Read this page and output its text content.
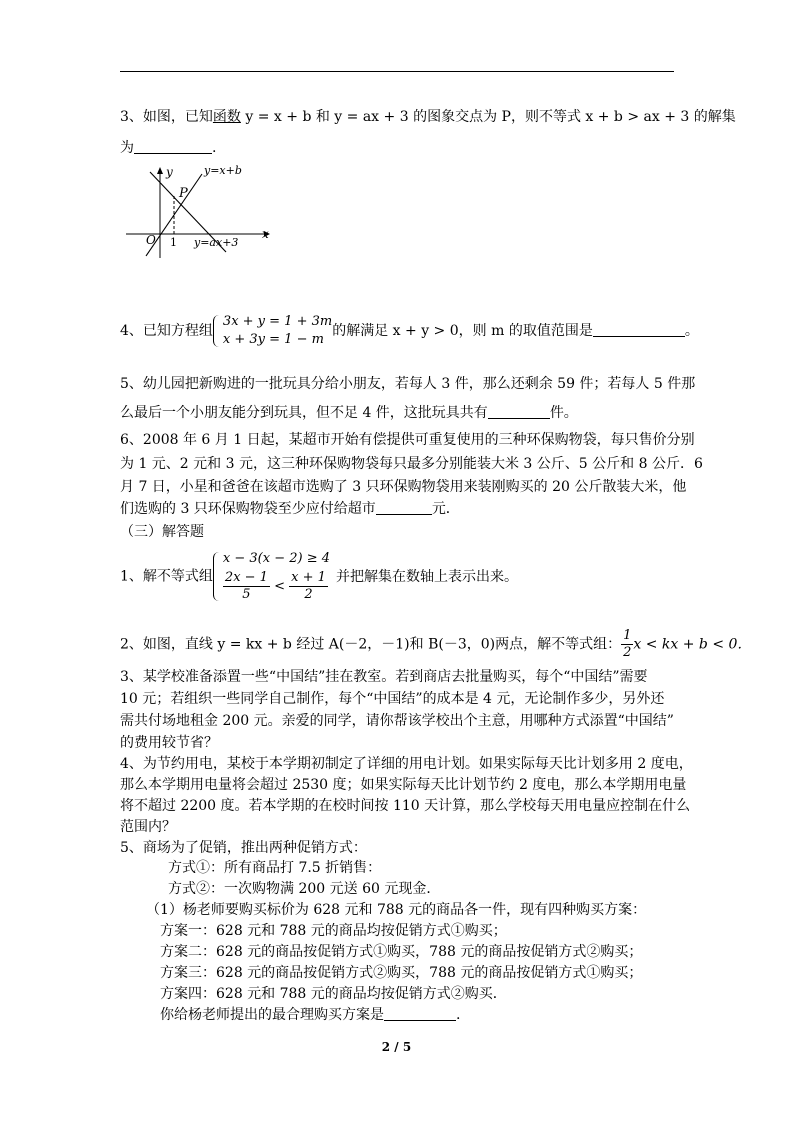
3、如图，已知函数 y = x + b 和 y = ax + 3 的图象交点为 P，则不等式 x + b > ax + 3 的解集
为	.
y
x
O 1
P
y=x+b
y=ax+3
4、已知方程组
3x + y = 1 + 3m
x + 3y = 1 − m
的解满足 x + y > 0，则 m 的取值范围是	。
5、幼儿园把新购进的一批玩具分给小朋友，若每人 3 件，那么还剩余 59 件；若每人 5 件那
么最后一个小朋友能分到玩具，但不足 4 件，这批玩具共有	件。
6、2008 年 6 月 1 日起，某超市开始有偿提供可重复使用的三种环保购物袋，每只售价分别
为 1 元、2 元和 3 元，这三种环保购物袋每只最多分别能装大米 3 公斤、5 公斤和 8 公斤．6
月 7 日，小星和爸爸在该超市选购了 3 只环保购物袋用来装刚购买的 20 公斤散装大米，他
们选购的 3 只环保购物袋至少应付给超市	元．
（三）解答题
1、解不等式组
x − 3(x − 2) ≥ 4
$\frac{2x - 1}{5} < \frac{x + 1}{2}$ 并把解集在数轴上表示出来。
2、如图，直线 y = kx + b 经过 A(－2，－1)和 B(－3，0)两点，解不等式组： $\frac{1}{2}$ x < kx + b < 0．
3、某学校准备添置一些“中国结”挂在教室。若到商店去批量购买，每个“中国结”需要
10 元；若组织一些同学自己制作，每个“中国结”的成本是 4 元，无论制作多少，另外还
需共付场地租金 200 元。亲爱的同学，请你帮该学校出个主意，用哪种方式添置“中国结”
的费用较节省？
4、为节约用电，某校于本学期初制定了详细的用电计划。如果实际每天比计划多用 2 度电，
那么本学期用电量将会超过 2530 度；如果实际每天比计划节约 2 度电，那么本学期用电量
将不超过 2200 度。若本学期的在校时间按 110 天计算，那么学校每天用电量应控制在什么
范围内？
5、商场为了促销，推出两种促销方式：
方式①：所有商品打 7.5 折销售：
方式②：一次购物满 200 元送 60 元现金．
（1）杨老师要购买标价为 628 元和 788 元的商品各一件，现有四种购买方案：
方案一：628 元和 788 元的商品均按促销方式①购买；
方案二：628 元的商品按促销方式①购买，788 元的商品按促销方式②购买；
方案三：628 元的商品按促销方式②购买，788 元的商品按促销方式①购买；
方案四：628 元和 788 元的商品均按促销方式②购买．
你给杨老师提出的最合理购买方案是	.
2 / 5
